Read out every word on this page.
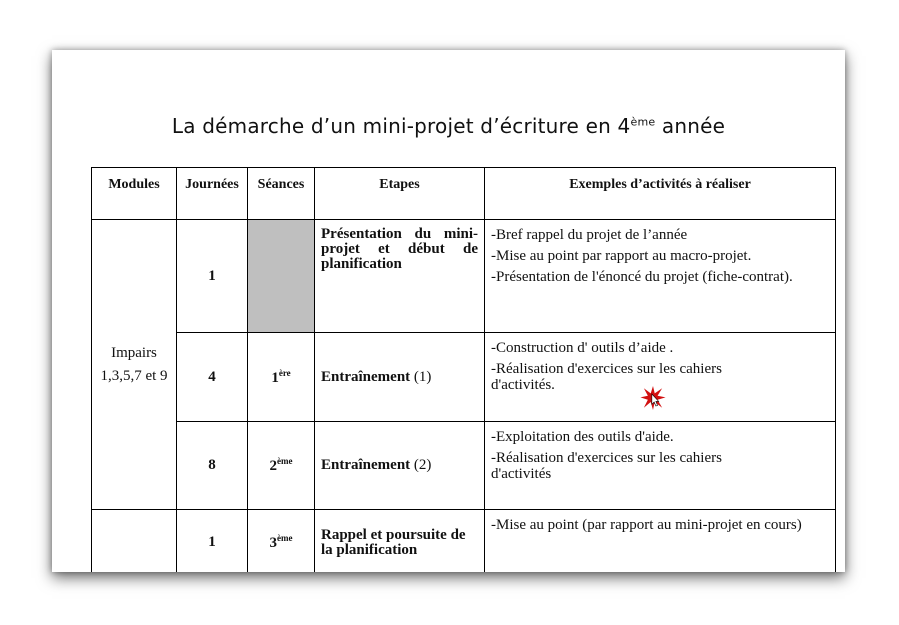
La démarche d’un mini-projet d’écriture en 4ème année
Modules	Journées	Séances	Etapes	Exemples d’activités à réaliser
Impairs 1,3,5,7 et 9	1		Présentation du mini-projet et début de planification	-Bref rappel du projet de l’année

-Mise au point par rapport au macro-projet.

-Présentation de l'énoncé du projet (fiche-contrat).

	4	1ère	Entraînement (1)	-Construction d' outils d’aide .

-Réalisation d'exercices sur les cahiers d'activités.

	8	2ème	Entraînement (2)	-Exploitation des outils d'aide.

-Réalisation d'exercices sur les cahiers d'activités

	1	3ème	Rappel et poursuite de la planification	-Mise au point (par rapport au mini-projet en cours)
